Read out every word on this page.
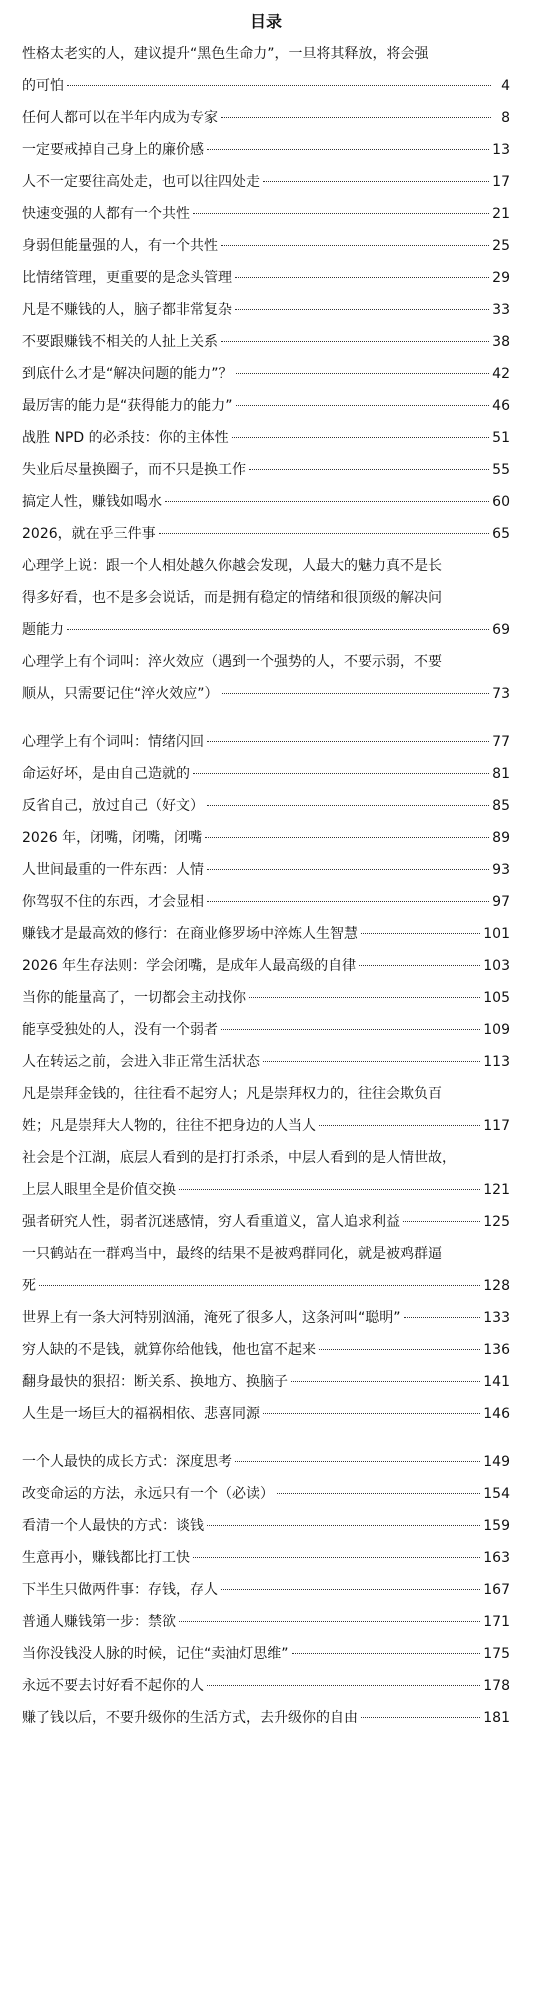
目录
性格太老实的人，建议提升“黑色生命力”，一旦将其释放，将会强
的可怕	4
任何人都可以在半年内成为专家	8
一定要戒掉自己身上的廉价感	13
人不一定要往高处走，也可以往四处走	17
快速变强的人都有一个共性	21
身弱但能量强的人，有一个共性	25
比情绪管理，更重要的是念头管理	29
凡是不赚钱的人，脑子都非常复杂	33
不要跟赚钱不相关的人扯上关系	38
到底什么才是“解决问题的能力”？	42
最厉害的能力是“获得能力的能力”	46
战胜 NPD 的必杀技：你的主体性	51
失业后尽量换圈子，而不只是换工作	55
搞定人性，赚钱如喝水	60
2026，就在乎三件事	65
心理学上说：跟一个人相处越久你越会发现，人最大的魅力真不是长
得多好看，也不是多会说话，而是拥有稳定的情绪和很顶级的解决问
题能力	69
心理学上有个词叫：淬火效应（遇到一个强势的人，不要示弱，不要
顺从，只需要记住“淬火效应”）	73
心理学上有个词叫：情绪闪回	77
命运好坏，是由自己造就的	81
反省自己，放过自己（好文）	85
2026 年，闭嘴，闭嘴，闭嘴	89
人世间最重的一件东西：人情	93
你驾驭不住的东西，才会显相	97
赚钱才是最高效的修行：在商业修罗场中淬炼人生智慧	101
2026 年生存法则：学会闭嘴，是成年人最高级的自律	103
当你的能量高了，一切都会主动找你	105
能享受独处的人，没有一个弱者	109
人在转运之前，会进入非正常生活状态	113
凡是崇拜金钱的，往往看不起穷人；凡是崇拜权力的，往往会欺负百
姓；凡是崇拜大人物的，往往不把身边的人当人	117
社会是个江湖，底层人看到的是打打杀杀，中层人看到的是人情世故，
上层人眼里全是价值交换	121
强者研究人性，弱者沉迷感情，穷人看重道义，富人追求利益	125
一只鹤站在一群鸡当中，最终的结果不是被鸡群同化，就是被鸡群逼
死	128
世界上有一条大河特别汹涌，淹死了很多人，这条河叫“聪明”	133
穷人缺的不是钱，就算你给他钱，他也富不起来	136
翻身最快的狠招：断关系、换地方、换脑子	141
人生是一场巨大的福祸相依、悲喜同源	146
一个人最快的成长方式：深度思考	149
改变命运的方法，永远只有一个（必读）	154
看清一个人最快的方式：谈钱	159
生意再小，赚钱都比打工快	163
下半生只做两件事：存钱，存人	167
普通人赚钱第一步：禁欲	171
当你没钱没人脉的时候，记住“卖油灯思维”	175
永远不要去讨好看不起你的人	178
赚了钱以后，不要升级你的生活方式，去升级你的自由	181
